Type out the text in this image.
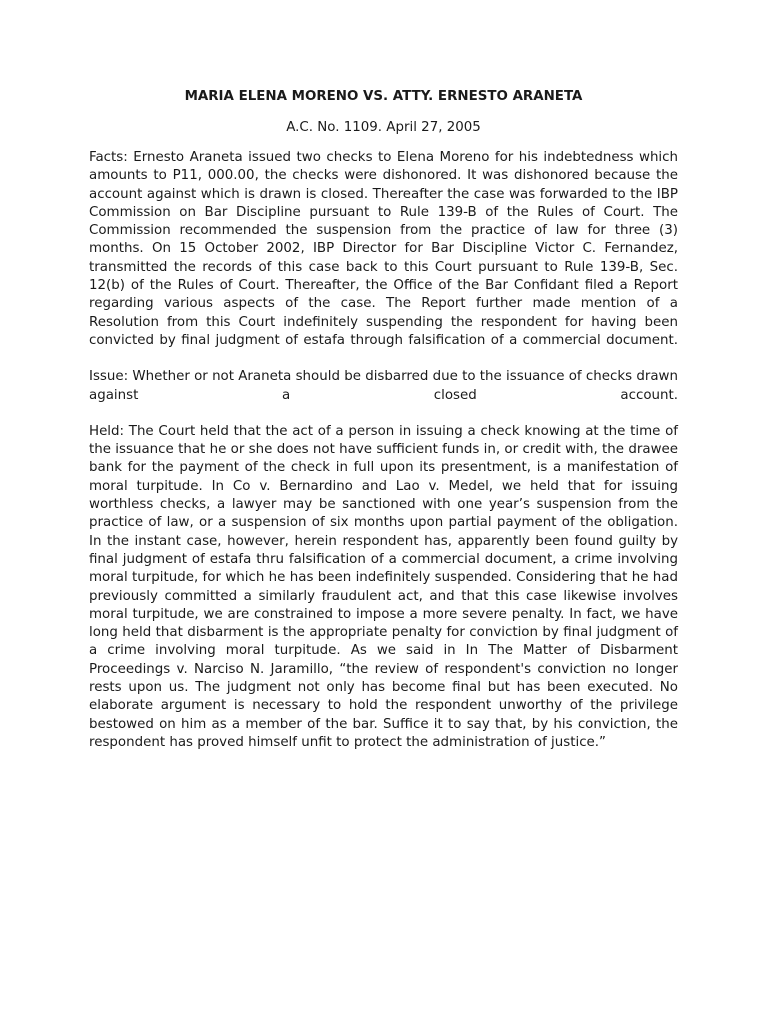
MARIA ELENA MORENO VS. ATTY. ERNESTO ARANETA
A.C. No. 1109. April 27, 2005
Facts: Ernesto Araneta issued two checks to Elena Moreno for his indebtedness which amounts to P11, 000.00, the checks were dishonored. It was dishonored because the account against which is drawn is closed. Thereafter the case was forwarded to the IBP Commission on Bar Discipline pursuant to Rule 139-B of the Rules of Court. The Commission recommended the suspension from the practice of law for three (3) months. On 15 October 2002, IBP Director for Bar Discipline Victor C. Fernandez, transmitted the records of this case back to this Court pursuant to Rule 139-B, Sec. 12(b) of the Rules of Court. Thereafter, the Office of the Bar Confidant filed a Report regarding various aspects of the case. The Report further made mention of a Resolution from this Court indefinitely suspending the respondent for having been convicted by final judgment of estafa through falsification of a commercial document.
Issue: Whether or not Araneta should be disbarred due to the issuance of checks drawn against a closed account.
Held: The Court held that the act of a person in issuing a check knowing at the time of the issuance that he or she does not have sufficient funds in, or credit with, the drawee bank for the payment of the check in full upon its presentment, is a manifestation of moral turpitude. In Co v. Bernardino and Lao v. Medel, we held that for issuing worthless checks, a lawyer may be sanctioned with one year’s suspension from the practice of law, or a suspension of six months upon partial payment of the obligation. In the instant case, however, herein respondent has, apparently been found guilty by final judgment of estafa thru falsification of a commercial document, a crime involving moral turpitude, for which he has been indefinitely suspended. Considering that he had previously committed a similarly fraudulent act, and that this case likewise involves moral turpitude, we are constrained to impose a more severe penalty. In fact, we have long held that disbarment is the appropriate penalty for conviction by final judgment of a crime involving moral turpitude. As we said in In The Matter of Disbarment Proceedings v. Narciso N. Jaramillo, “the review of respondent's conviction no longer rests upon us. The judgment not only has become final but has been executed. No elaborate argument is necessary to hold the respondent unworthy of the privilege bestowed on him as a member of the bar. Suffice it to say that, by his conviction, the respondent has proved himself unfit to protect the administration of justice.”
